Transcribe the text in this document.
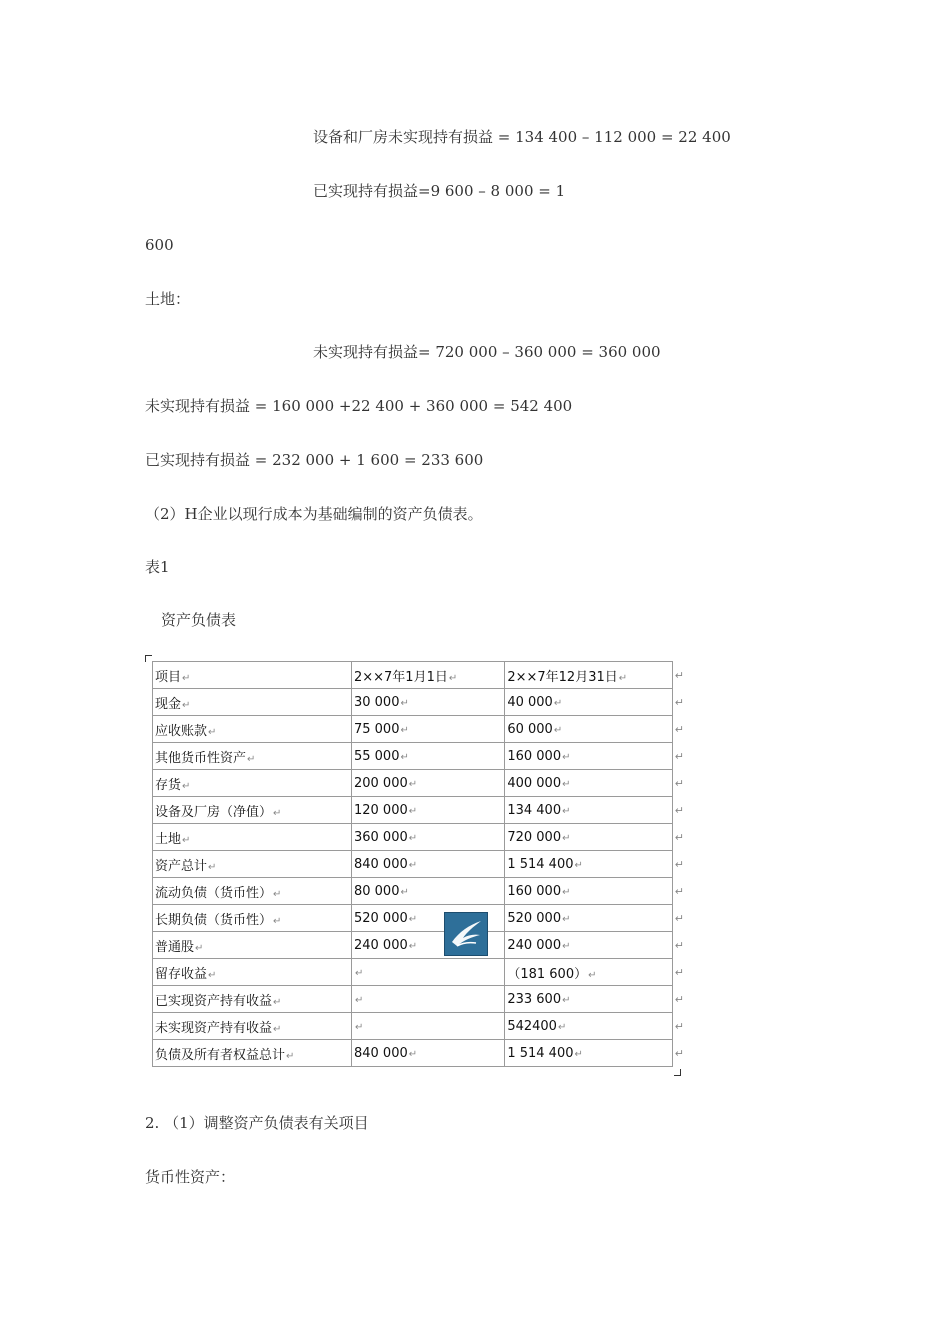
设备和厂房未实现持有损益 = 134 400 – 112 000 = 22 400
已实现持有损益=9 600 – 8 000 = 1
600
土地：
未实现持有损益= 720 000 – 360 000 = 360 000
未实现持有损益 = 160 000 +22 400 + 360 000 = 542 400
已实现持有损益 = 232 000 + 1 600 = 233 600
（2）H企业以现行成本为基础编制的资产负债表。
表1
资产负债表
项目↵	2××7年1月1日↵	2××7年12月31日↵	↵
现金↵	30 000↵	40 000↵	↵
应收账款↵	75 000↵	60 000↵	↵
其他货币性资产↵	55 000↵	160 000↵	↵
存货↵	200 000↵	400 000↵	↵
设备及厂房（净值）↵	120 000↵	134 400↵	↵
土地↵	360 000↵	720 000↵	↵
资产总计↵	840 000↵	1 514 400↵	↵
流动负债（货币性）↵	80 000↵	160 000↵	↵
长期负债（货币性）↵	520 000↵	520 000↵	↵
普通股↵	240 000↵	240 000↵	↵
留存收益↵	↵	（181 600）↵	↵
已实现资产持有收益↵	↵	233 600↵	↵
未实现资产持有收益↵	↵	542400↵	↵
负债及所有者权益总计↵	840 000↵	1 514 400↵	↵
2. （1）调整资产负债表有关项目
货币性资产：
